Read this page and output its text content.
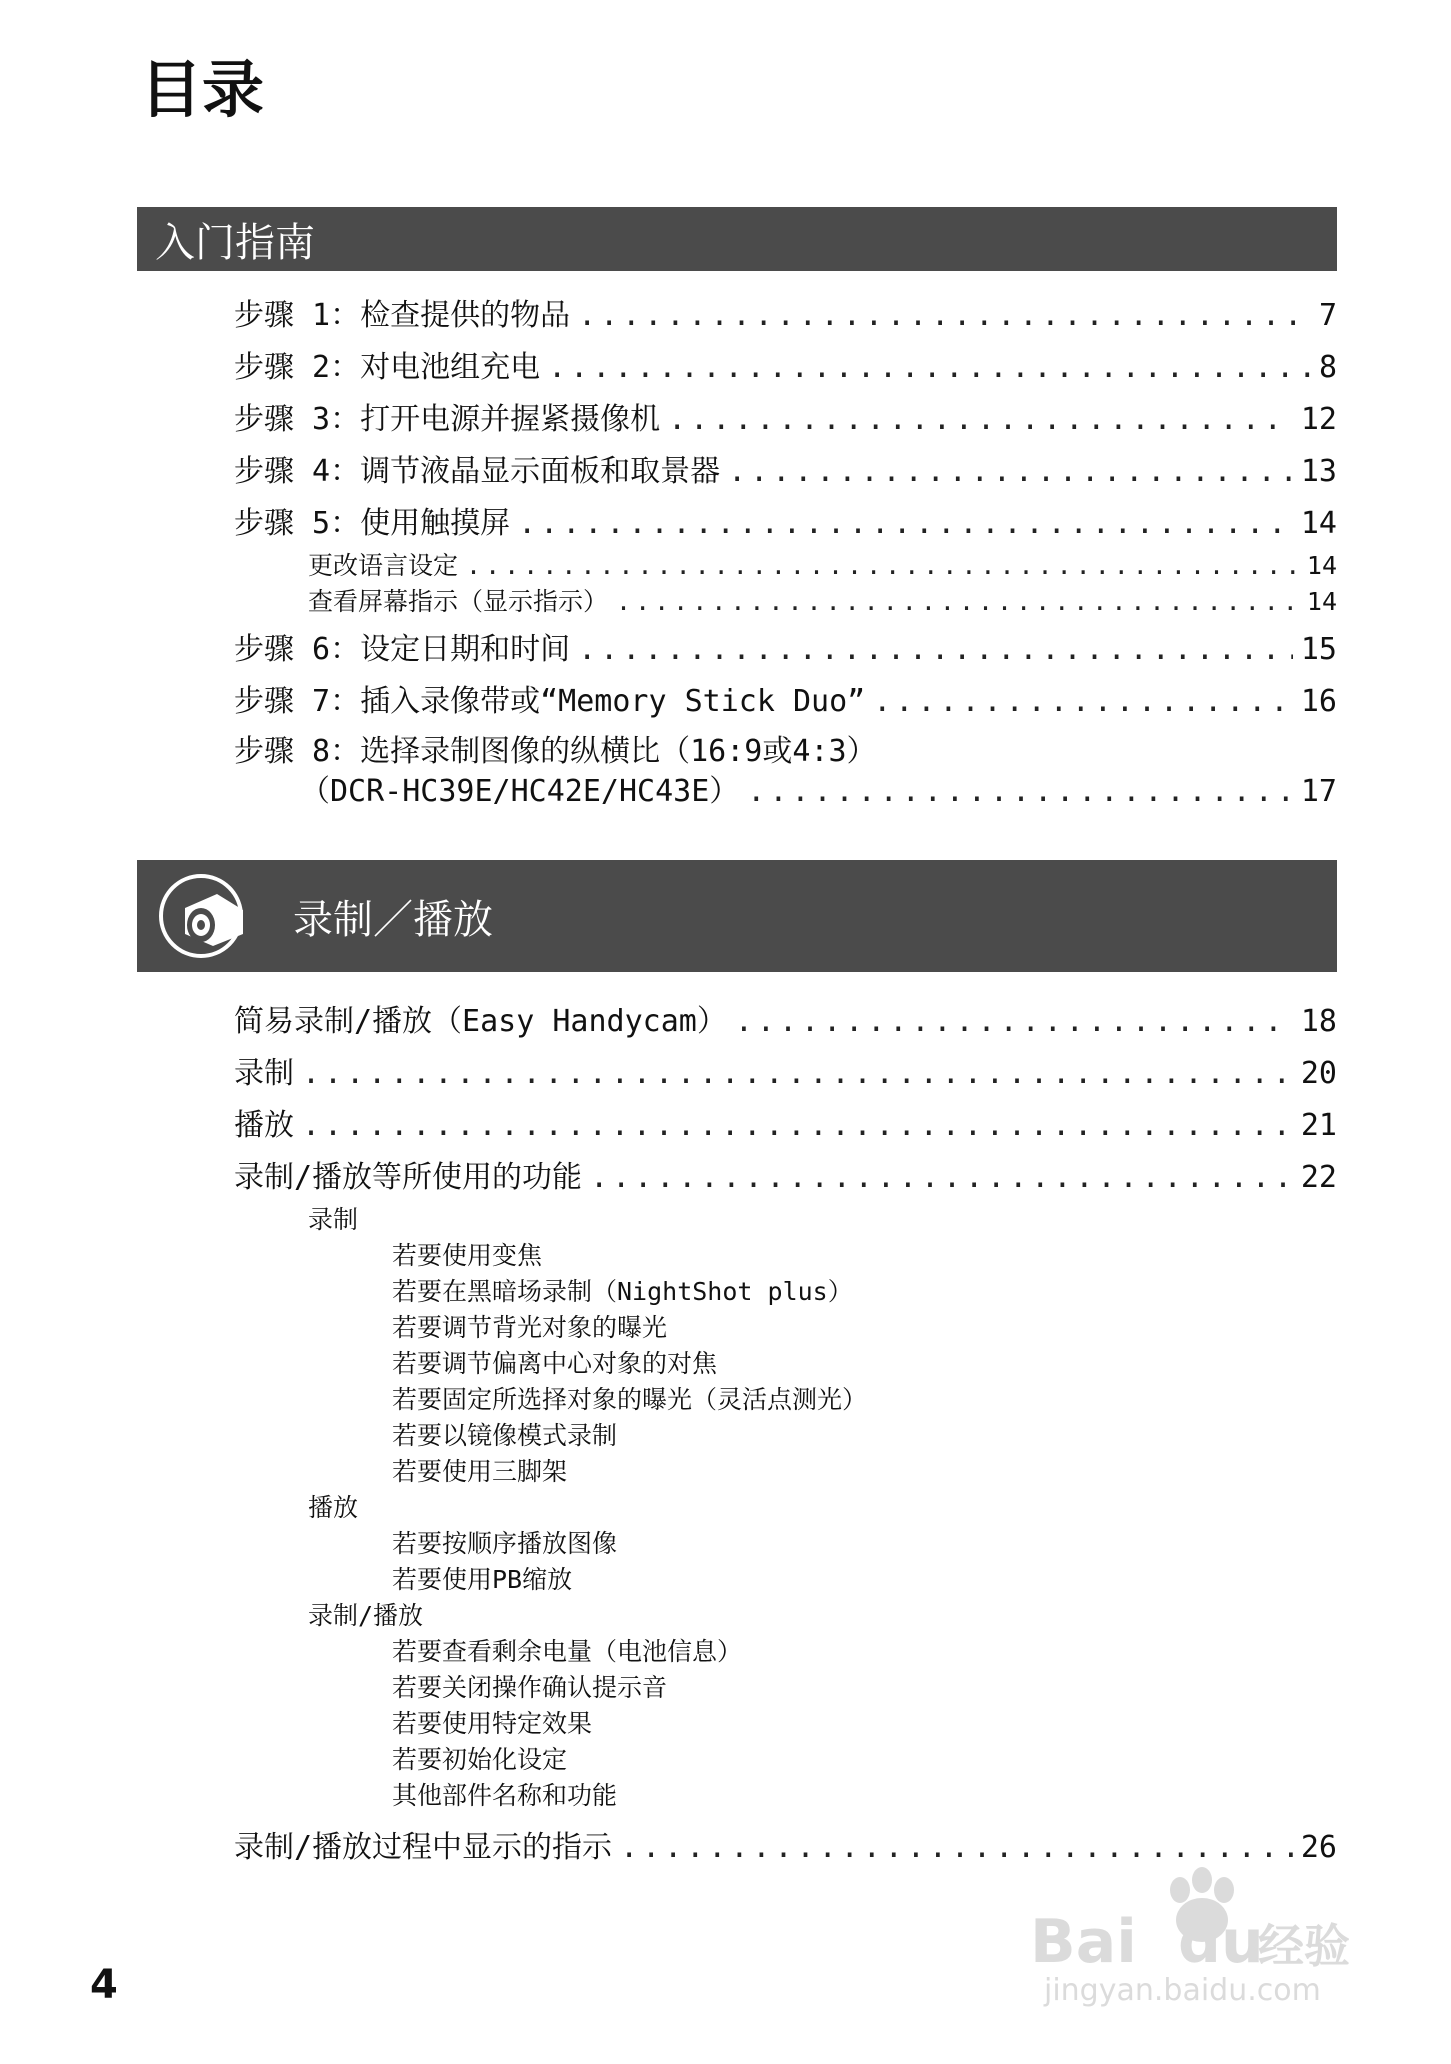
目录
入门指南
录制／播放
步骤 1：检查提供的物品 .....	7
步骤 2：对电池组充电 .....	8
步骤 3：打开电源并握紧摄像机 .....	12
步骤 4：调节液晶显示面板和取景器 .....	13
步骤 5：使用触摸屏 .....	14
更改语言设定 .....	14
查看屏幕指示（显示指示） .....	14
步骤 6：设定日期和时间 .....	15
步骤 7：插入录像带或“Memory Stick Duo” .....	16
步骤 8：选择录制图像的纵横比（16:9或4:3）
（DCR-HC39E/HC42E/HC43E） .....	17
简易录制/播放（Easy Handycam） .....	18
录制 .....	20
播放 .....	21
录制/播放等所使用的功能 .....	22
录制
若要使用变焦
若要在黑暗场录制（NightShot plus）
若要调节背光对象的曝光
若要调节偏离中心对象的对焦
若要固定所选择对象的曝光（灵活点测光）
若要以镜像模式录制
若要使用三脚架
播放
若要按顺序播放图像
若要使用PB缩放
录制/播放
若要查看剩余电量（电池信息）
若要关闭操作确认提示音
若要使用特定效果
若要初始化设定
其他部件名称和功能
录制/播放过程中显示的指示 .....	26
4
Bai du
经验
jingyan.baidu.com
